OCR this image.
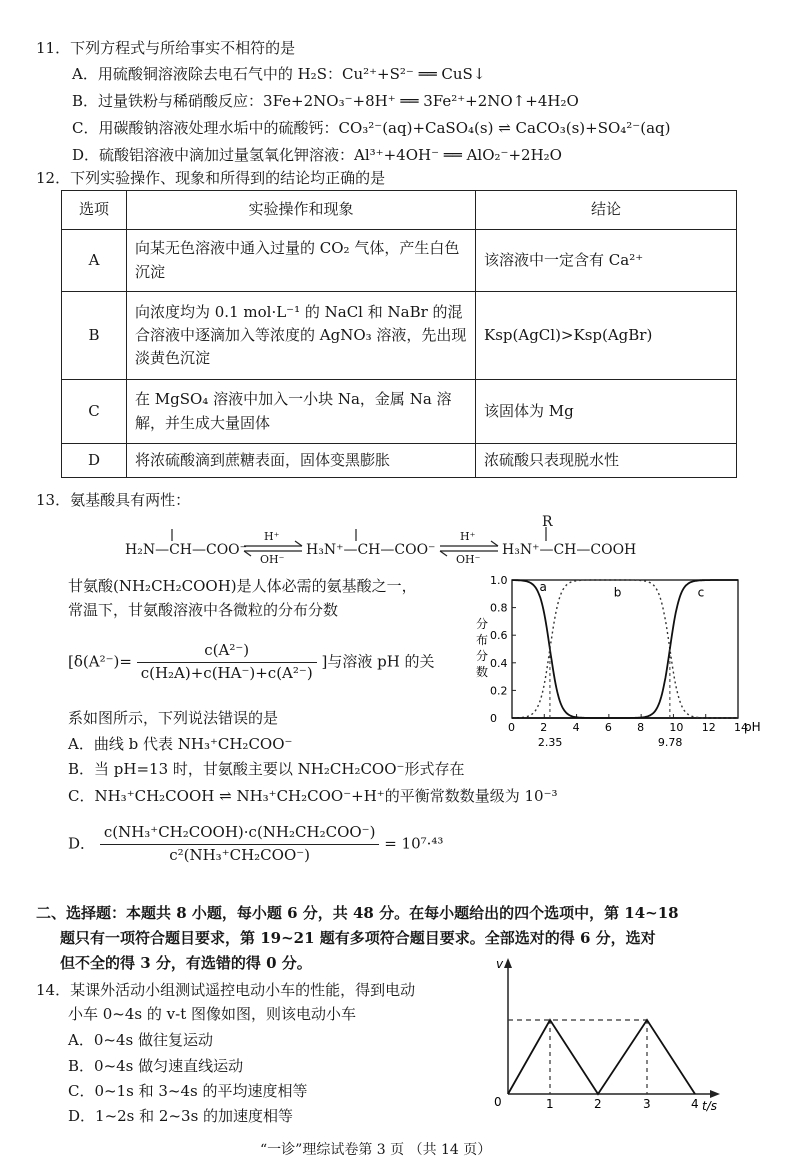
11．下列方程式与所给事实不相符的是
A．用硫酸铜溶液除去电石气中的 H₂S：Cu²⁺+S²⁻ ══ CuS↓
B．过量铁粉与稀硝酸反应：3Fe+2NO₃⁻+8H⁺ ══ 3Fe²⁺+2NO↑+4H₂O
C．用碳酸钠溶液处理水垢中的硫酸钙：CO₃²⁻(aq)+CaSO₄(s) ⇌ CaCO₃(s)+SO₄²⁻(aq)
D．硫酸铝溶液中滴加过量氢氧化钾溶液：Al³⁺+4OH⁻ ══ AlO₂⁻+2H₂O
12．下列实验操作、现象和所得到的结论均正确的是
选项	实验操作和现象	结论
A	向某无色溶液中通入过量的 CO₂ 气体，产生白色沉淀	该溶液中一定含有 Ca²⁺
B	向浓度均为 0.1 mol·L⁻¹ 的 NaCl 和 NaBr 的混合溶液中逐滴加入等浓度的 AgNO₃ 溶液，先出现淡黄色沉淀	Ksp(AgCl)>Ksp(AgBr)
C	在 MgSO₄ 溶液中加入一小块 Na，金属 Na 溶解，并生成大量固体	该固体为 Mg
D	将浓硫酸滴到蔗糖表面，固体变黑膨胀	浓硫酸只表现脱水性
13．氨基酸具有两性：
R
H₂N—CH—COO⁻
H⁺
OH⁻
H₃N⁺—CH—COO⁻
H⁺
OH⁻
H₃N⁺—CH—COOH
甘氨酸(NH₂CH₂COOH)是人体必需的氨基酸之一，
常温下，甘氨酸溶液中各微粒的分布分数
[$\delta(A^{2-})= \frac{\text{c(A²⁻)}}{\text{c(H₂A)+c(HA⁻)+c(A²⁻)}}$ ]与溶液 pH 的关
系如图所示，下列说法错误的是
A．曲线 b 代表 NH₃⁺CH₂COO⁻
B．当 pH=13 时，甘氨酸主要以 NH₂CH₂COO⁻形式存在
C．NH₃⁺CH₂COOH ⇌ NH₃⁺CH₂COO⁻+H⁺的平衡常数数量级为 10⁻³
D． $\frac{\text{c(NH₃⁺CH₂COOH)·c(NH₂CH₂COO⁻)}}{\text{c²(NH₃⁺CH₂COO⁻)}} = 10^7\cdot^{43}$
0 2 4 6 8 10 12 14
0
0.2
0.4
0.6
0.8
1.0
pH
分
布
分
数
2.35	9.78
a	b	c
二、选择题：本题共 8 小题，每小题 6 分，共 48 分。在每小题给出的四个选项中，第 14~18
题只有一项符合题目要求，第 19~21 题有多项符合题目要求。全部选对的得 6 分，选对
但不全的得 3 分，有选错的得 0 分。
14．某课外活动小组测试遥控电动小车的性能，得到电动
小车 0~4s 的 v-t 图像如图，则该电动小车
A．0~4s 做往复运动
B．0~4s 做匀速直线运动
C．0~1s 和 3~4s 的平均速度相等
D．1~2s 和 2~3s 的加速度相等
v
0	1	2	3	4 t/s
“一诊”理综试卷第 3 页 （共 14 页）
